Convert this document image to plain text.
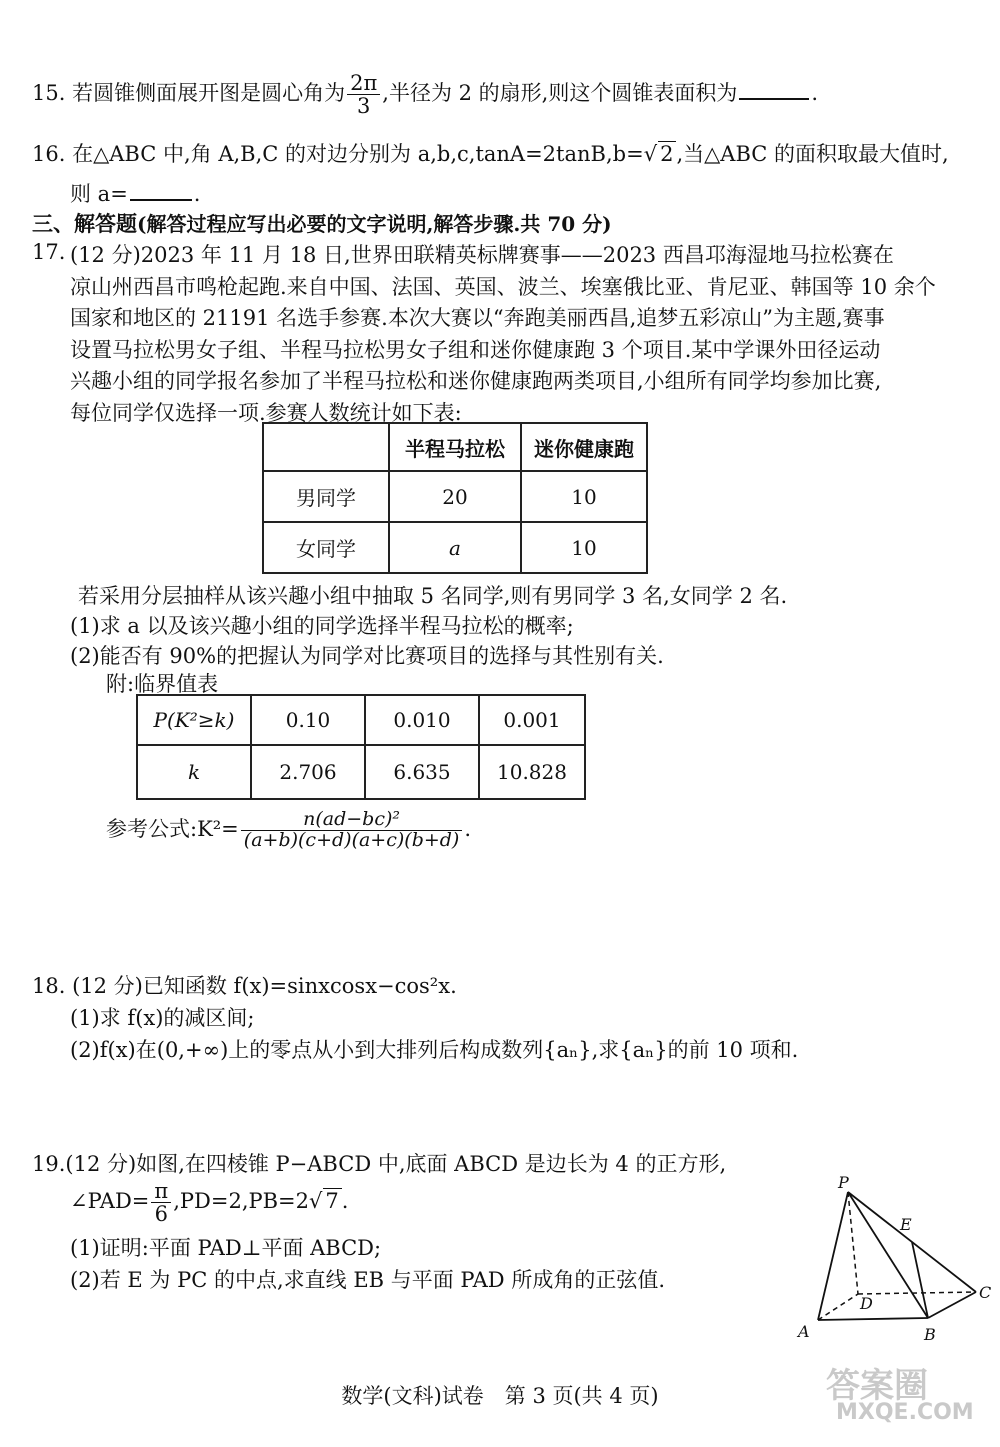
15. 若圆锥侧面展开图是圆心角为 $\frac{2\pi}{3}$ ,半径为 2 的扇形,则这个圆锥表面积为	.
16. 在△ABC 中,角 A,B,C 的对边分别为 a,b,c,tanA=2tanB,b=√ 2 ,当△ABC 的面积取最大值时,
则 a=	.
三、解答题(解答过程应写出必要的文字说明,解答步骤.共 70 分)
17. (12 分)2023 年 11 月 18 日,世界田联精英标牌赛事——2023 西昌邛海湿地马拉松赛在
凉山州西昌市鸣枪起跑.来自中国、法国、英国、波兰、埃塞俄比亚、肯尼亚、韩国等 10 余个
国家和地区的 21191 名选手参赛.本次大赛以“奔跑美丽西昌,追梦五彩凉山”为主题,赛事
设置马拉松男女子组、半程马拉松男女子组和迷你健康跑 3 个项目.某中学课外田径运动
兴趣小组的同学报名参加了半程马拉松和迷你健康跑两类项目,小组所有同学均参加比赛,
每位同学仅选择一项.参赛人数统计如下表:
	半程马拉松	迷你健康跑
男同学	20	10
女同学	a	10
若采用分层抽样从该兴趣小组中抽取 5 名同学,则有男同学 3 名,女同学 2 名.
(1)求 a 以及该兴趣小组的同学选择半程马拉松的概率;
(2)能否有 90%的把握认为同学对比赛项目的选择与其性别有关.
附:临界值表
P(K²≥k)	0.10	0.010	0.001
k	2.706	6.635	10.828
参考公式:K²= $\frac{\text{n(ad−bc)²}}{(a+b)(c+d)(a+c)(b+d)}$ .
18. (12 分)已知函数 f(x)=sinxcosx−cos²x.
(1)求 f(x)的减区间;
(2)f(x)在(0,+∞)上的零点从小到大排列后构成数列{aₙ},求{aₙ}的前 10 项和.
19.(12 分)如图,在四棱锥 P−ABCD 中,底面 ABCD 是边长为 4 的正方形,
∠PAD= $\frac{\pi}{6} ,PD=2,PB=2√$ 7 .
(1)证明:平面 PAD⊥平面 ABCD;
(2)若 E 为 PC 的中点,求直线 EB 与平面 PAD 所成角的正弦值.
P
E
C
D
A	B
数学(文科)试卷　第 3 页(共 4 页)	答案圈
MXQE.COM
